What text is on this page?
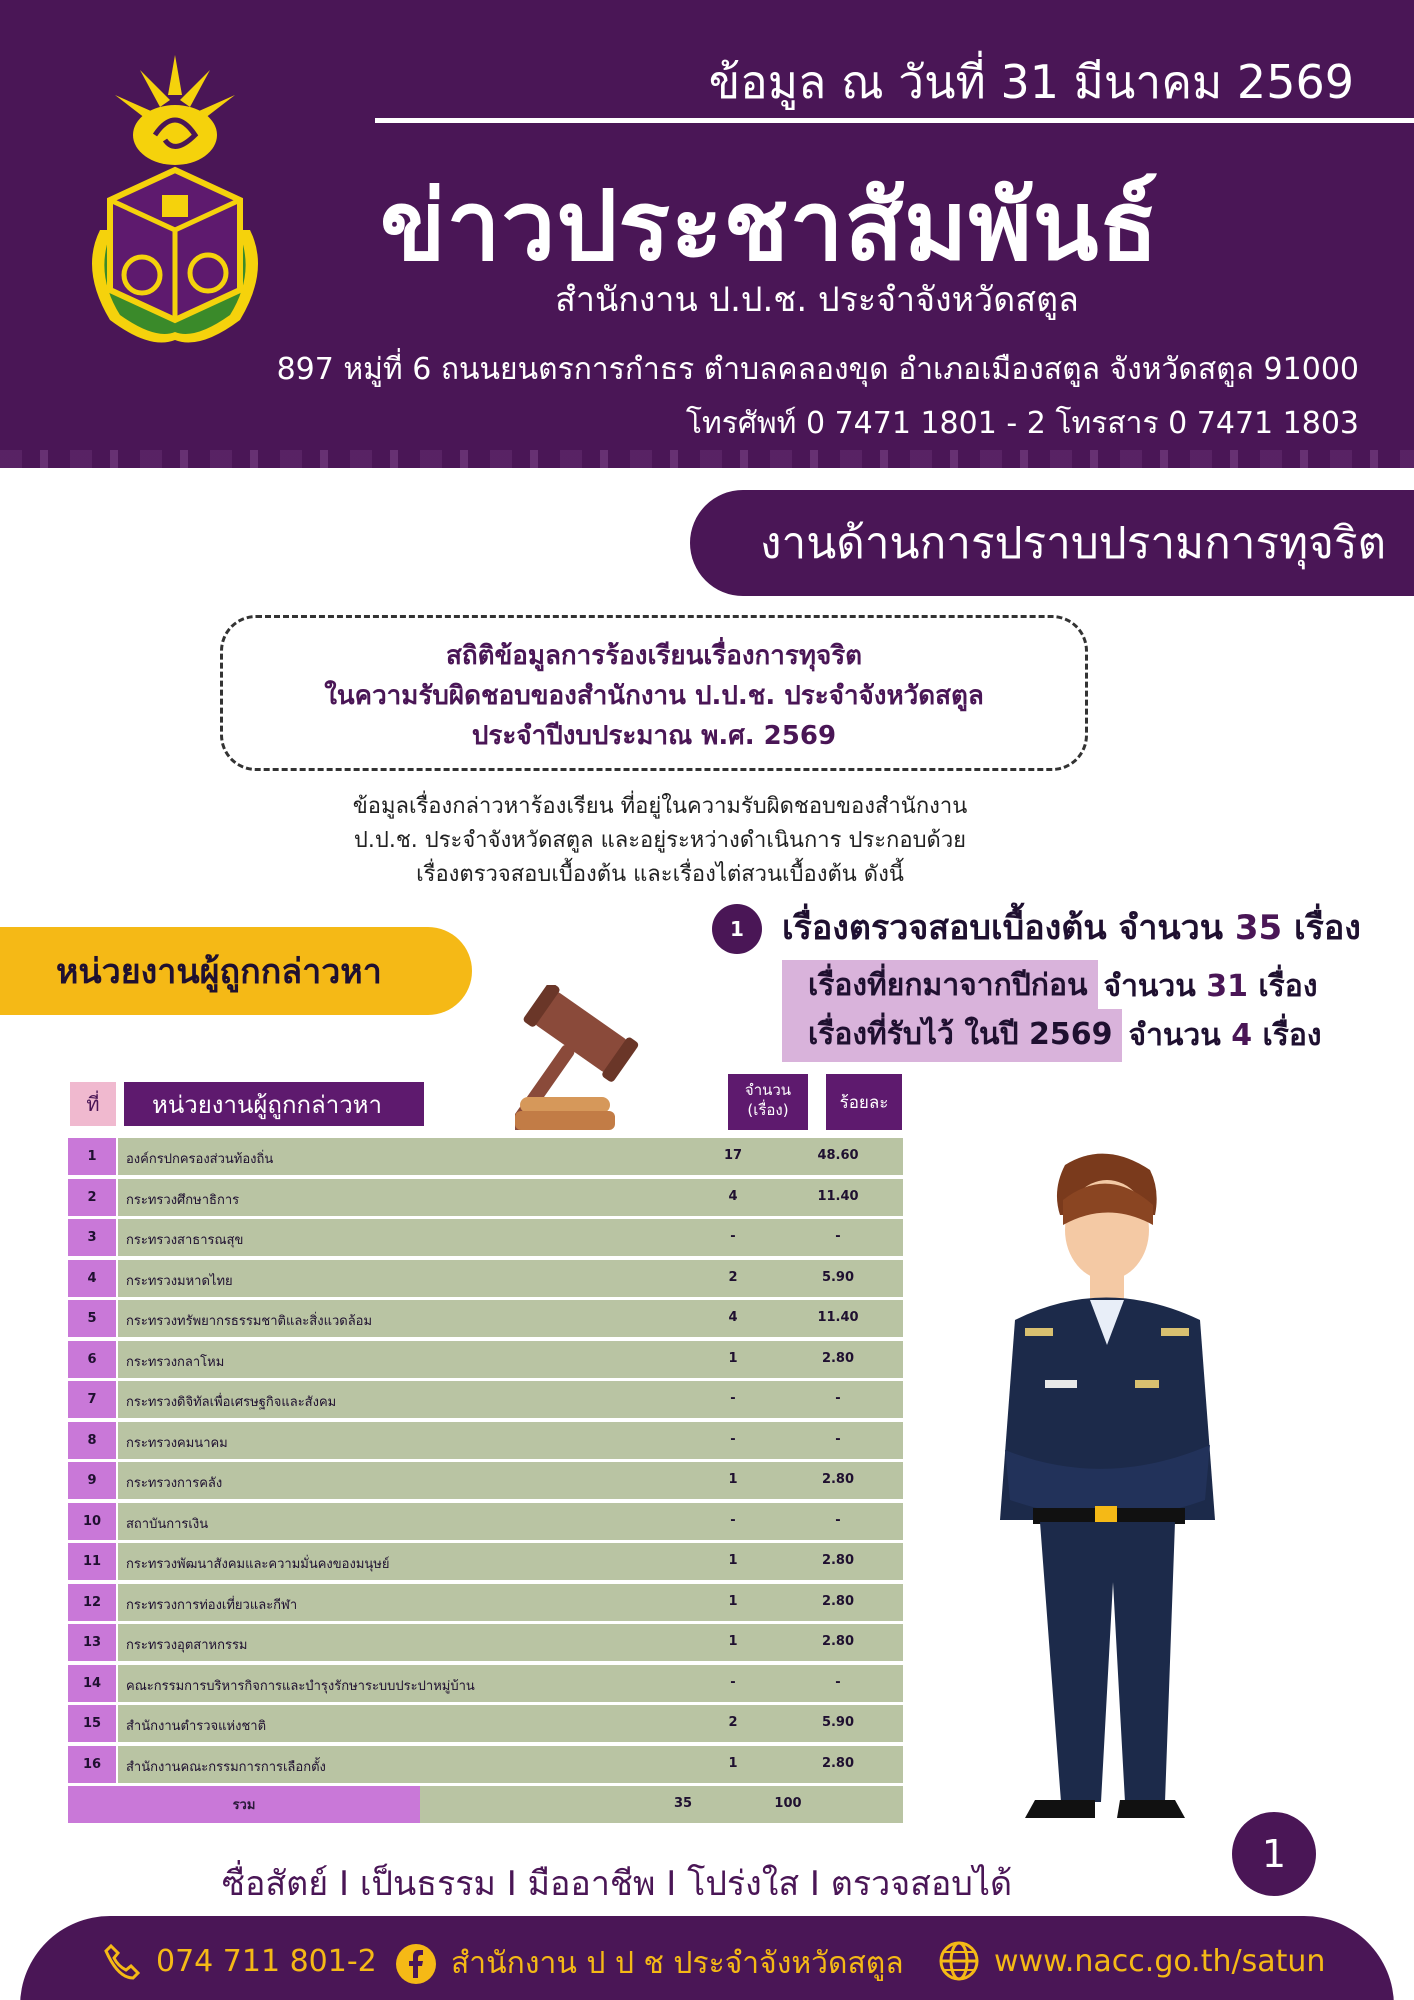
ข้อมูล ณ วันที่ 31 มีนาคม 2569
ข่าวประชาสัมพันธ์
สำนักงาน ป.ป.ช. ประจำจังหวัดสตูล
897 หมู่ที่ 6 ถนนยนตรการกำธร ตำบลคลองขุด อำเภอเมืองสตูล จังหวัดสตูล 91000
โทรศัพท์ 0 7471 1801 - 2 โทรสาร 0 7471 1803
งานด้านการปราบปรามการทุจริต
สถิติข้อมูลการร้องเรียนเรื่องการทุจริต
ในความรับผิดชอบของสำนักงาน ป.ป.ช. ประจำจังหวัดสตูล
ประจำปีงบประมาณ พ.ศ. 2569
ข้อมูลเรื่องกล่าวหาร้องเรียน ที่อยู่ในความรับผิดชอบของสำนักงาน
ป.ป.ช. ประจำจังหวัดสตูล และอยู่ระหว่างดำเนินการ ประกอบด้วย
เรื่องตรวจสอบเบื้องต้น และเรื่องไต่สวนเบื้องต้น ดังนี้
หน่วยงานผู้ถูกกล่าวหา
1	เรื่องตรวจสอบเบื้องต้น จำนวน 35 เรื่อง
เรื่องที่ยกมาจากปีก่อน จำนวน 31 เรื่อง
เรื่องที่รับไว้ ในปี 2569 จำนวน 4 เรื่อง
ที่	หน่วยงานผู้ถูกกล่าวหา
จำนวน
(เรื่อง)	ร้อยละ
1	องค์กรปกครองส่วนท้องถิ่น	17	48.60
2	กระทรวงศึกษาธิการ	4	11.40
3	กระทรวงสาธารณสุข	-	-
4	กระทรวงมหาดไทย	2	5.90
5	กระทรวงทรัพยากรธรรมชาติและสิ่งแวดล้อม	4	11.40
6	กระทรวงกลาโหม	1	2.80
7	กระทรวงดิจิทัลเพื่อเศรษฐกิจและสังคม	-	-
8	กระทรวงคมนาคม	-	-
9	กระทรวงการคลัง	1	2.80
10	สถาบันการเงิน	-	-
11	กระทรวงพัฒนาสังคมและความมั่นคงของมนุษย์	1	2.80
12	กระทรวงการท่องเที่ยวและกีฬา	1	2.80
13	กระทรวงอุตสาหกรรม	1	2.80
14	คณะกรรมการบริหารกิจการและบำรุงรักษาระบบประปาหมู่บ้าน	-	-
15	สำนักงานตำรวจแห่งชาติ	2	5.90
16	สำนักงานคณะกรรมการการเลือกตั้ง	1	2.80
รวม	35	100
1
ซื่อสัตย์ I เป็นธรรม I มืออาชีพ I โปร่งใส I ตรวจสอบได้
074 711 801-2 สำนักงาน ป ป ช ประจำจังหวัดสตูล	www.nacc.go.th/satun
